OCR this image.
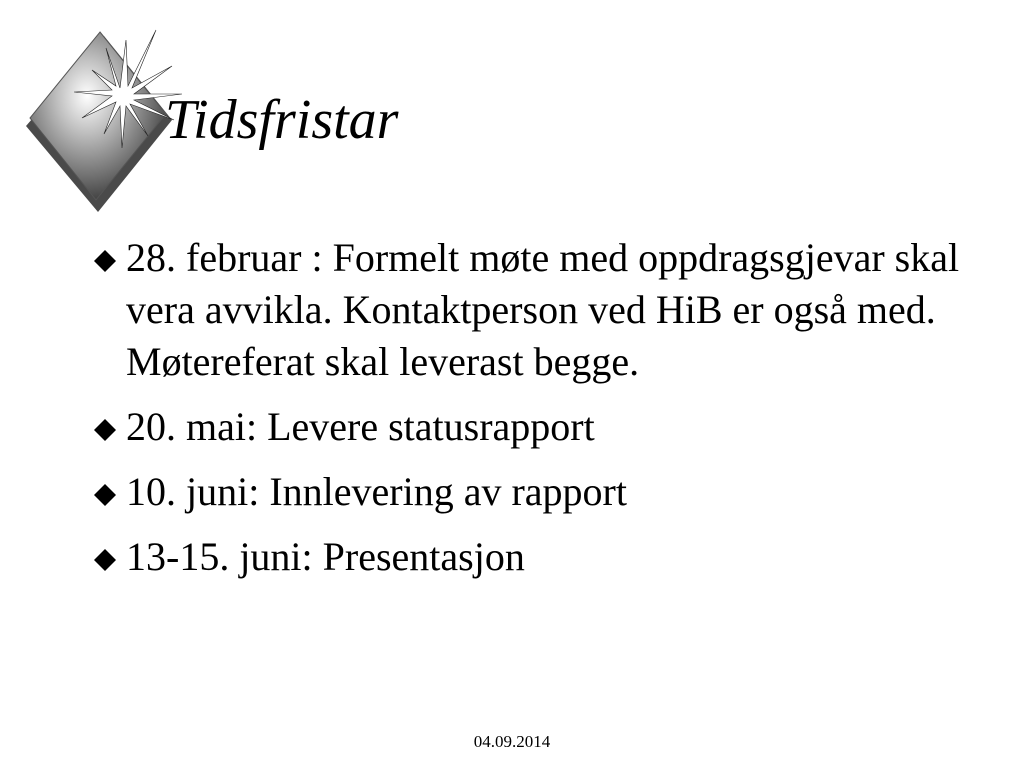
Tidsfristar
28. februar : Formelt møte med oppdragsgjevar skal vera avvikla. Kontaktperson ved HiB er også med. Møtereferat skal leverast begge.
20. mai: Levere statusrapport
10. juni: Innlevering av rapport
13-15. juni: Presentasjon
04.09.2014
